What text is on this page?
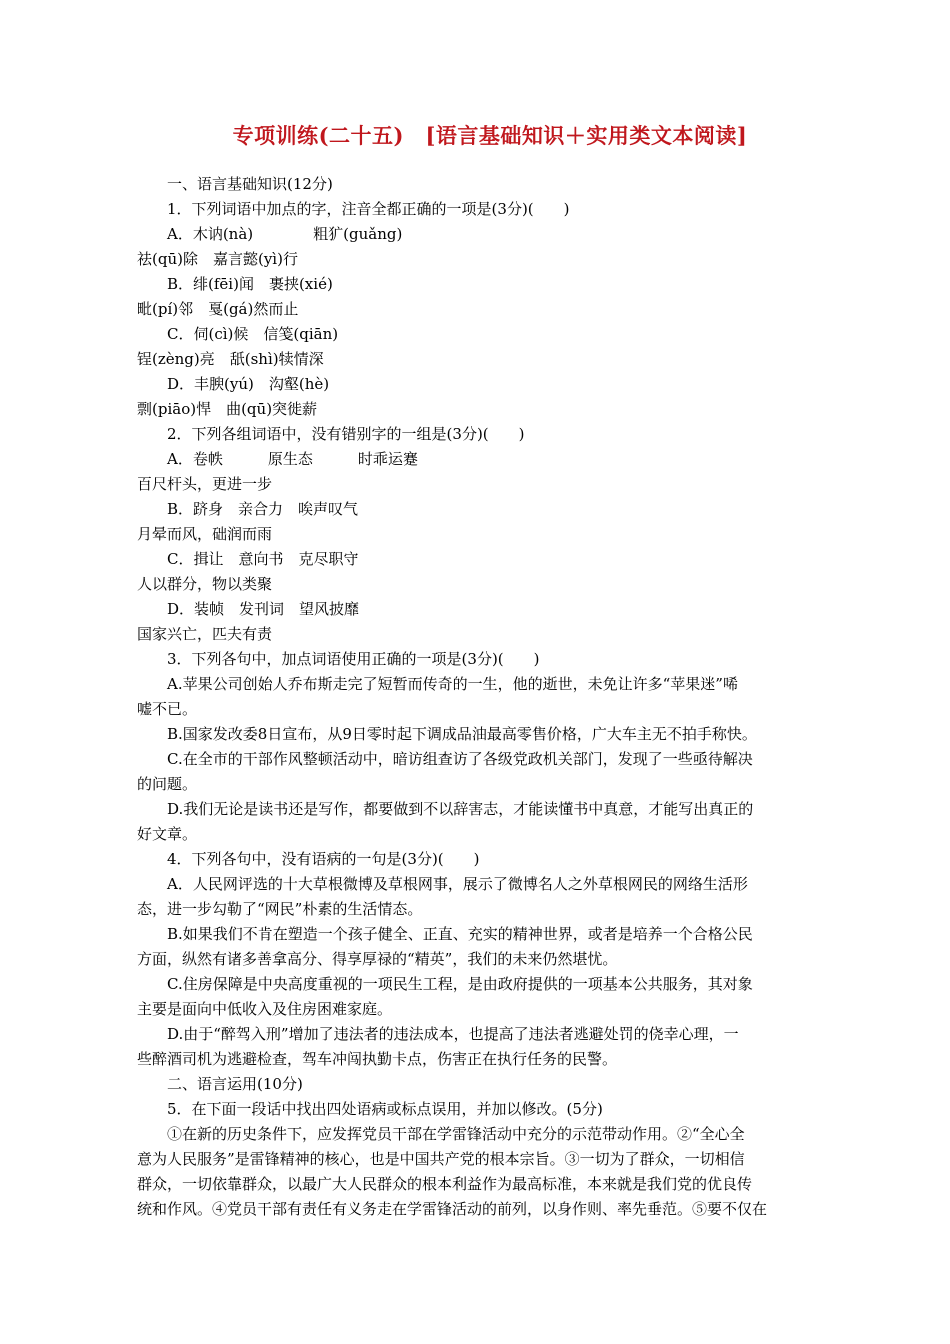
专项训练(二十五)　[语言基础知识＋实用类文本阅读]
一、语言基础知识(12分)
1．下列词语中加点的字，注音全都正确的一项是(3分)(　　)
A．木讷(nà)　　　　粗犷(guǎng)
祛(qū)除　嘉言懿(yì)行
B．绯(fēi)闻　裹挟(xié)
毗(pí)邻　戛(gá)然而止
C．伺(cì)候　信笺(qiān)
锃(zèng)亮　舐(shì)犊情深
D．丰腴(yú)　沟壑(hè)
剽(piāo)悍　曲(qū)突徙薪
2．下列各组词语中，没有错别字的一组是(3分)(　　)
A．卷帙　　　原生态　　　时乖运蹇
百尺杆头，更进一步
B．跻身　亲合力　唉声叹气
月晕而风，础润而雨
C．揖让　意向书　克尽职守
人以群分，物以类聚
D．装帧　发刊词　望风披靡
国家兴亡，匹夫有责
3．下列各句中，加点词语使用正确的一项是(3分)(　　)
A.苹果公司创始人乔布斯走完了短暂而传奇的一生，他的逝世，未免让许多“苹果迷”唏
嘘不已。
B.国家发改委8日宣布，从9日零时起下调成品油最高零售价格，广大车主无不拍手称快。
C.在全市的干部作风整顿活动中，暗访组查访了各级党政机关部门，发现了一些亟待解决
的问题。
D.我们无论是读书还是写作，都要做到不以辞害志，才能读懂书中真意，才能写出真正的
好文章。
4．下列各句中，没有语病的一句是(3分)(　　)
A．人民网评选的十大草根微博及草根网事，展示了微博名人之外草根网民的网络生活形
态，进一步勾勒了“网民”朴素的生活情态。
B.如果我们不肯在塑造一个孩子健全、正直、充实的精神世界，或者是培养一个合格公民
方面，纵然有诸多善拿高分、得享厚禄的“精英”，我们的未来仍然堪忧。
C.住房保障是中央高度重视的一项民生工程，是由政府提供的一项基本公共服务，其对象
主要是面向中低收入及住房困难家庭。
D.由于“醉驾入刑”增加了违法者的违法成本，也提高了违法者逃避处罚的侥幸心理，一
些醉酒司机为逃避检查，驾车冲闯执勤卡点，伤害正在执行任务的民警。
二、语言运用(10分)
5．在下面一段话中找出四处语病或标点误用，并加以修改。(5分)
①在新的历史条件下，应发挥党员干部在学雷锋活动中充分的示范带动作用。②“全心全
意为人民服务”是雷锋精神的核心，也是中国共产党的根本宗旨。③一切为了群众，一切相信
群众，一切依靠群众，以最广大人民群众的根本利益作为最高标准，本来就是我们党的优良传
统和作风。④党员干部有责任有义务走在学雷锋活动的前列，以身作则、率先垂范。⑤要不仅在
